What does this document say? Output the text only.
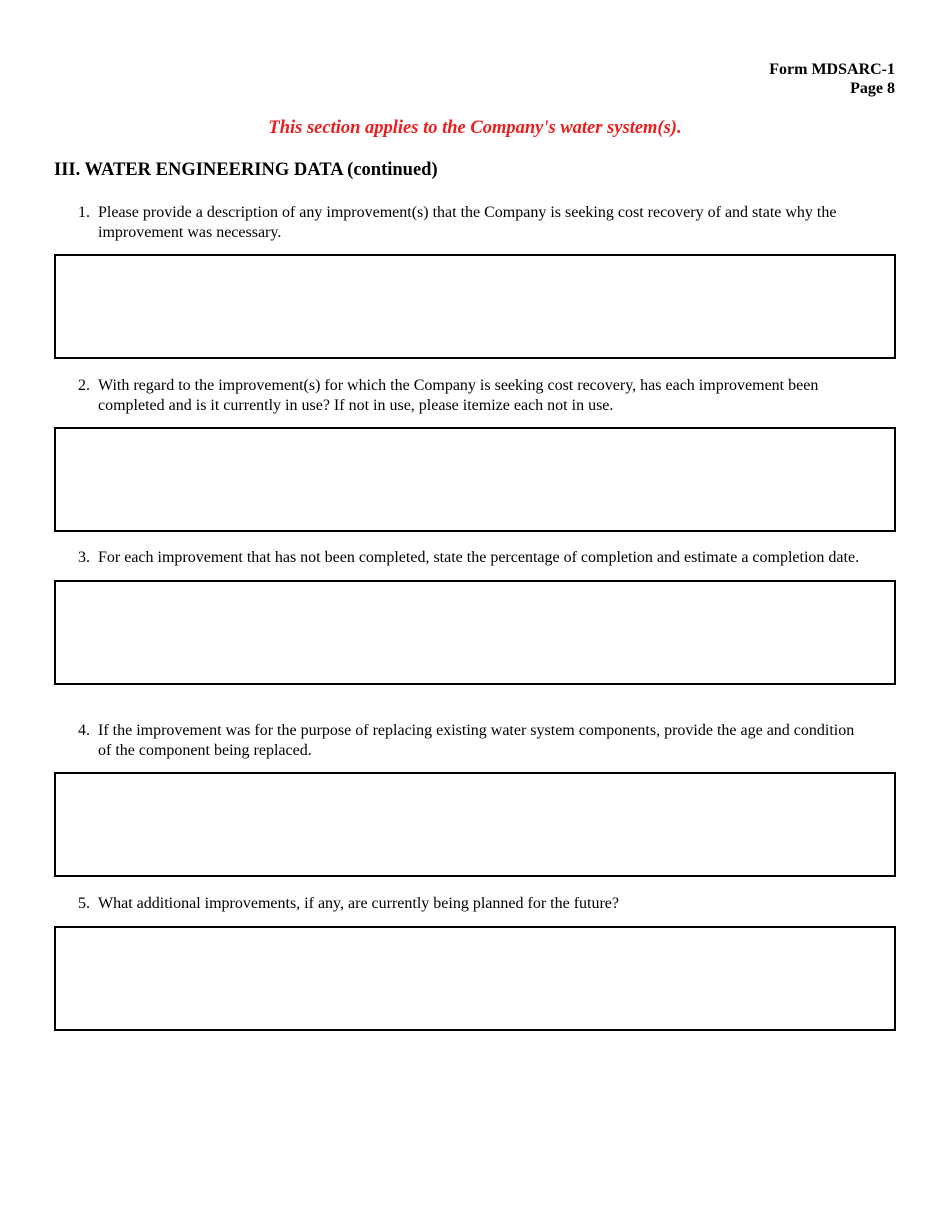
Form MDSARC-1
Page 8
This section applies to the Company's water system(s).
III. WATER ENGINEERING DATA (continued)
1. Please provide a description of any improvement(s) that the Company is seeking cost recovery of and state why the improvement was necessary.
2. With regard to the improvement(s) for which the Company is seeking cost recovery, has each improvement been completed and is it currently in use? If not in use, please itemize each not in use.
3. For each improvement that has not been completed, state the percentage of completion and estimate a completion date.
4. If the improvement was for the purpose of replacing existing water system components, provide the age and condition of the component being replaced.
5. What additional improvements, if any, are currently being planned for the future?
